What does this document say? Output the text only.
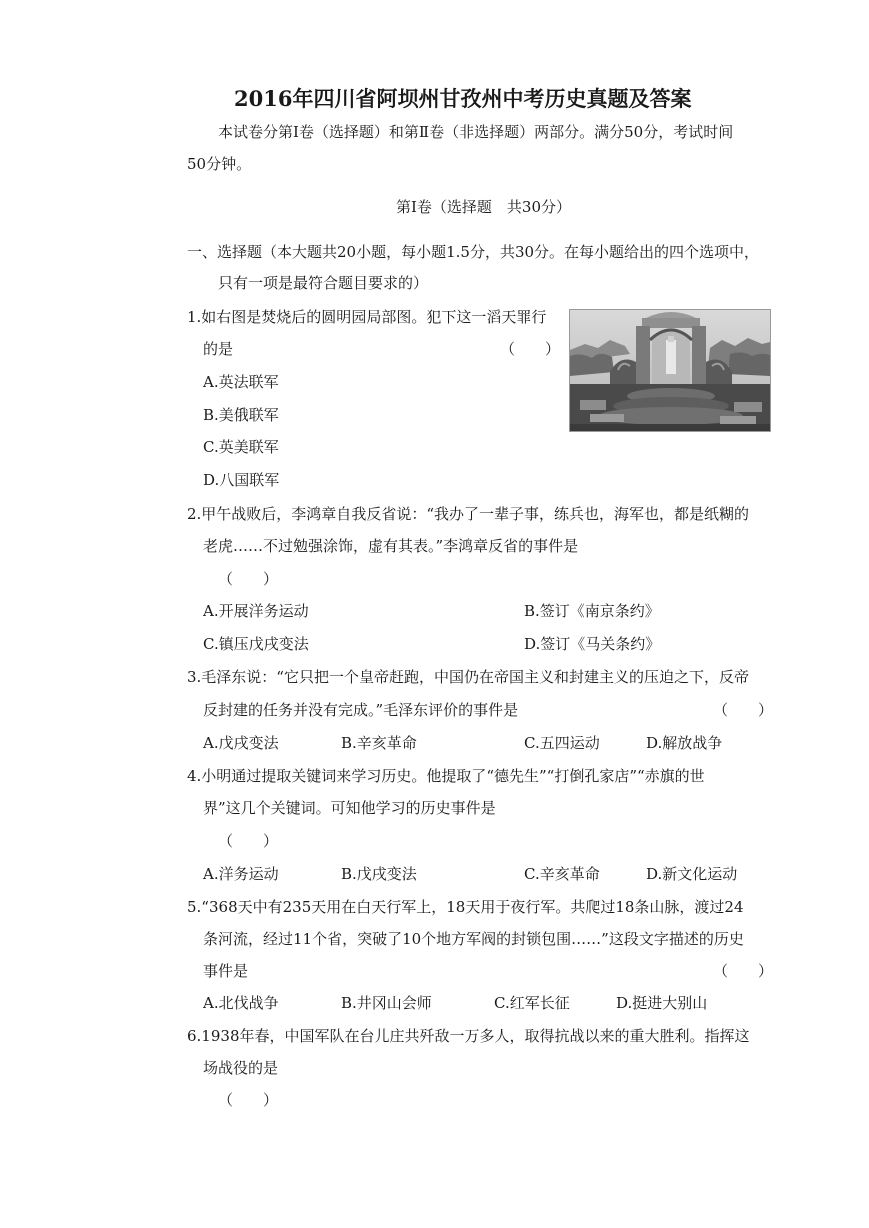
2016年四川省阿坝州甘孜州中考历史真题及答案
本试卷分第Ⅰ卷（选择题）和第Ⅱ卷（非选择题）两部分。满分50分，考试时间
50分钟。
第Ⅰ卷（选择题　共30分）
一、选择题（本大题共20小题，每小题1.5分，共30分。在每小题给出的四个选项中，
只有一项是最符合题目要求的）
1.如右图是焚烧后的圆明园局部图。犯下这一滔天罪行
的是	（　　）
A.英法联军
B.美俄联军
C.英美联军
D.八国联军
2.甲午战败后，李鸿章自我反省说：“我办了一辈子事，练兵也，海军也，都是纸糊的
老虎……不过勉强涂饰，虚有其表。”李鸿章反省的事件是
（　　）
A.开展洋务运动	B.签订《南京条约》
C.镇压戊戌变法	D.签订《马关条约》
3.毛泽东说：“它只把一个皇帝赶跑，中国仍在帝国主义和封建主义的压迫之下，反帝
反封建的任务并没有完成。”毛泽东评价的事件是	（　　）
A.戊戌变法	B.辛亥革命	C.五四运动	D.解放战争
4.小明通过提取关键词来学习历史。他提取了“德先生”“打倒孔家店”“赤旗的世
界”这几个关键词。可知他学习的历史事件是
（　　）
A.洋务运动	B.戊戌变法	C.辛亥革命	D.新文化运动
5.“368天中有235天用在白天行军上，18天用于夜行军。共爬过18条山脉，渡过24
条河流，经过11个省，突破了10个地方军阀的封锁包围……”这段文字描述的历史
事件是	（　　）
A.北伐战争	B.井冈山会师	C.红军长征	D.挺进大别山
6.1938年春，中国军队在台儿庄共歼敌一万多人，取得抗战以来的重大胜利。指挥这
场战役的是
（　　）
